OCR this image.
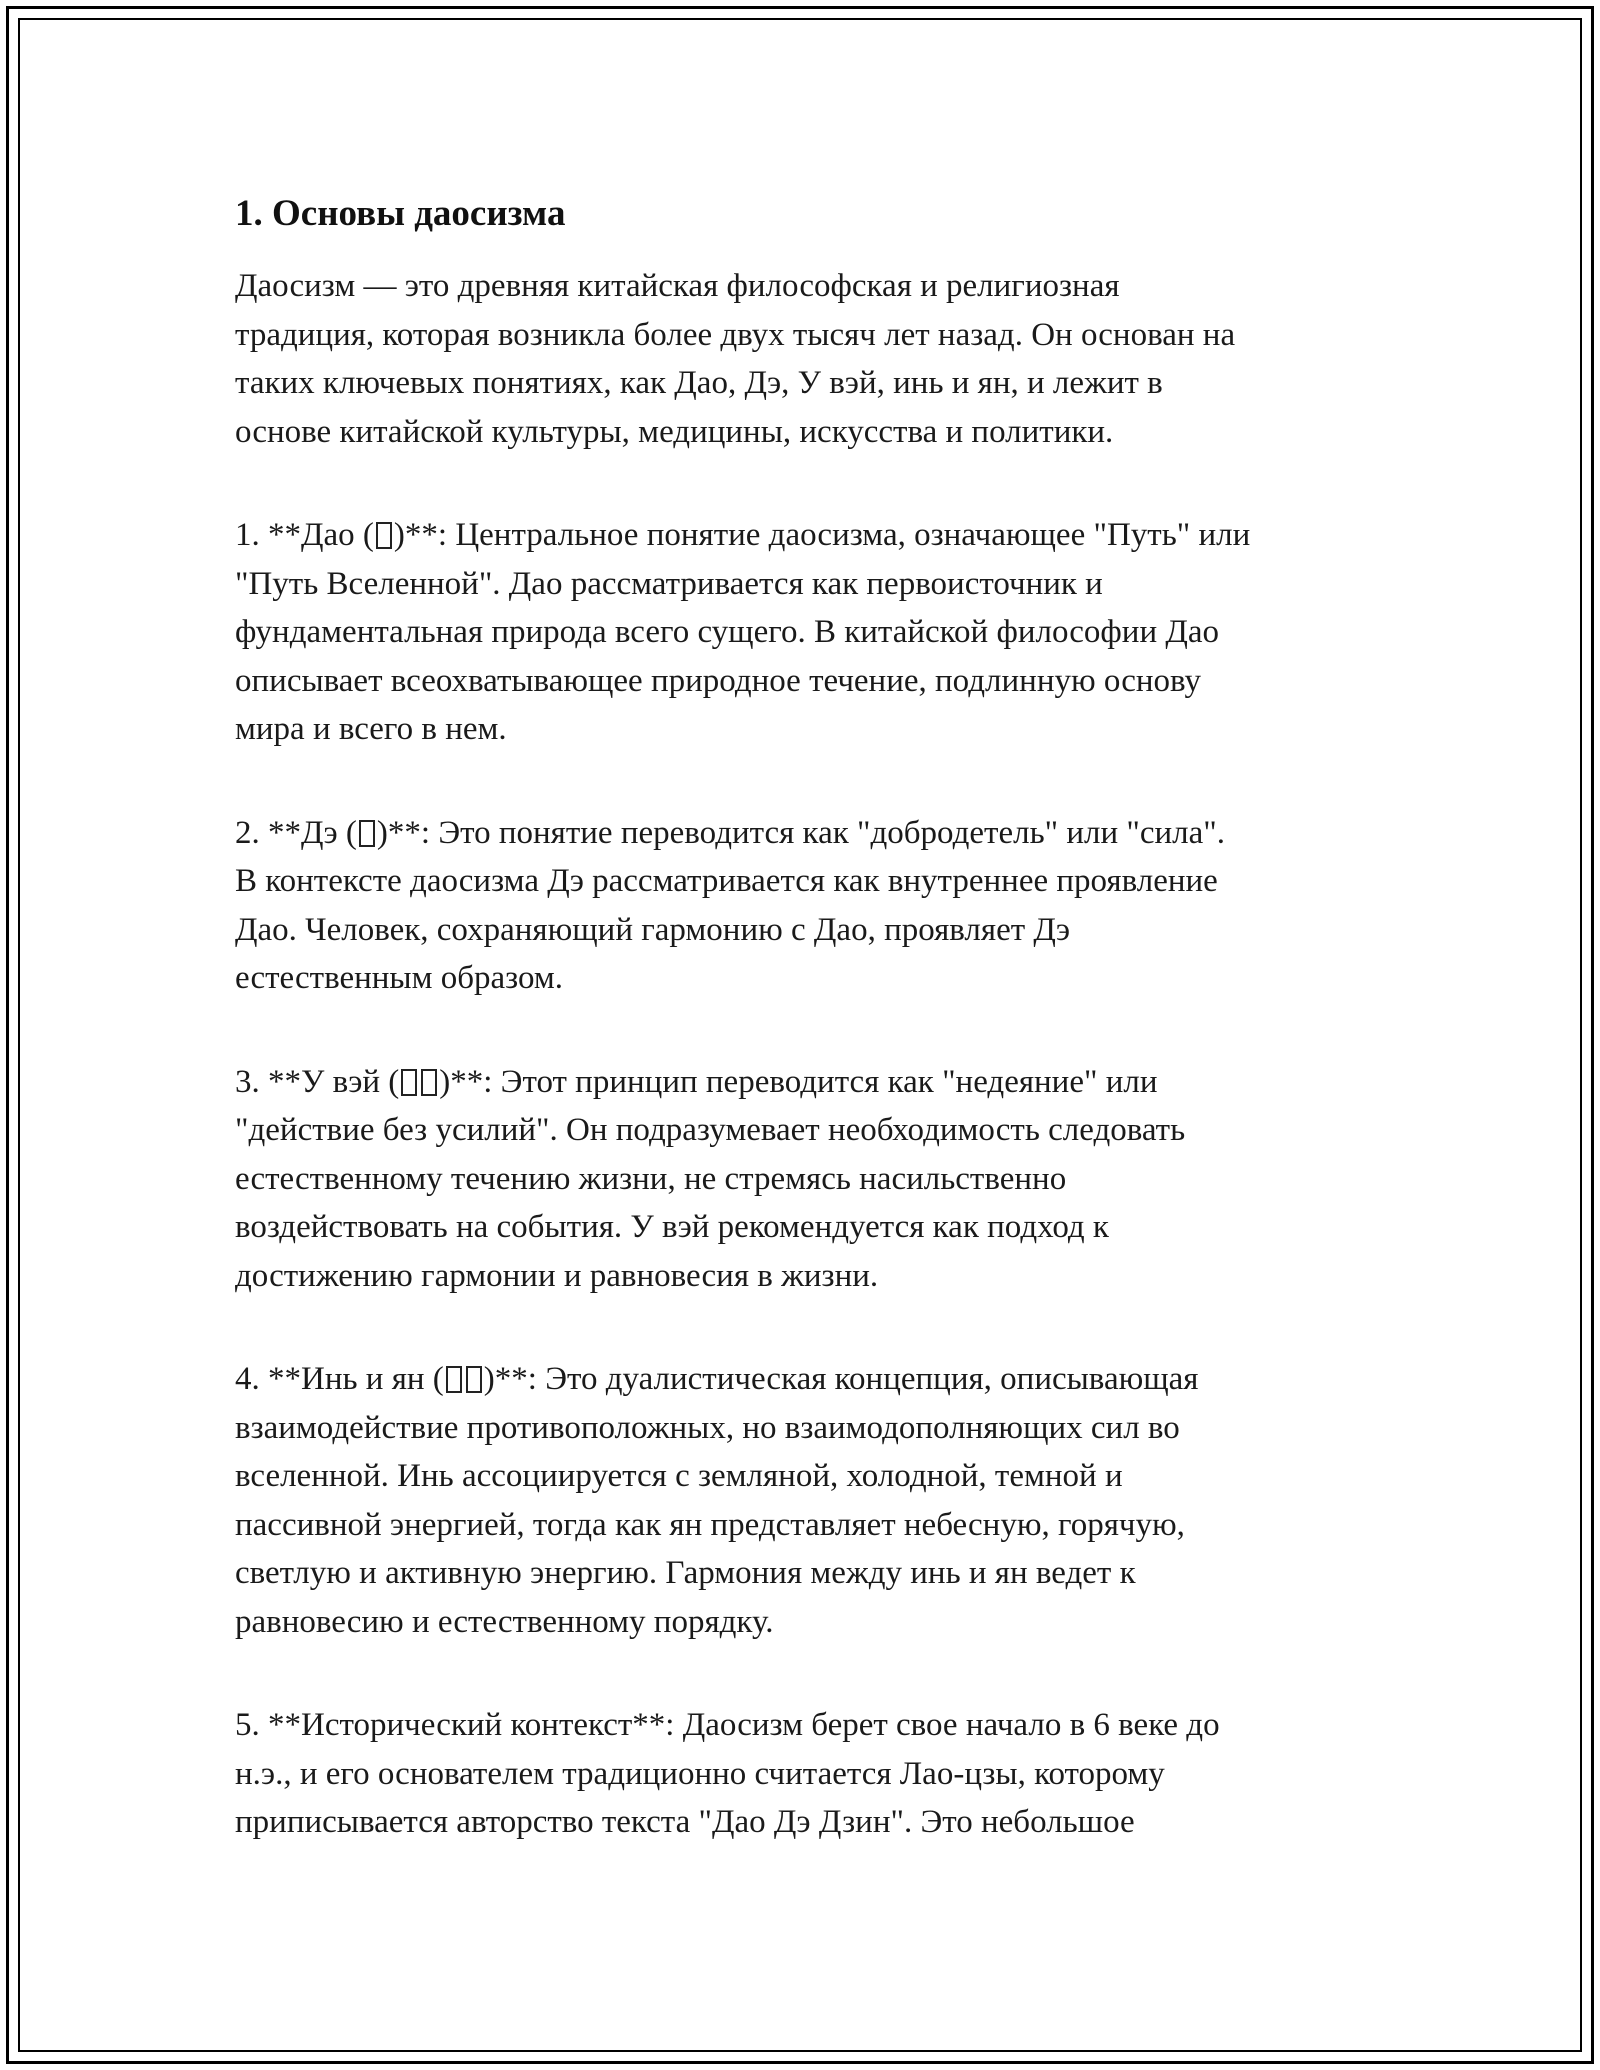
1. Основы даосизма

Даосизм — это древняя китайская философская и религиозная
традиция, которая возникла более двух тысяч лет назад. Он основан на
таких ключевых понятиях, как Дао, Дэ, У вэй, инь и ян, и лежит в
основе китайской культуры, медицины, искусства и политики.

1. **Дао ( )**: Центральное понятие даосизма, означающее "Путь" или
"Путь Вселенной". Дао рассматривается как первоисточник и
фундаментальная природа всего сущего. В китайской философии Дао
описывает всеохватывающее природное течение, подлинную основу
мира и всего в нем.

2. **Дэ ( )**: Это понятие переводится как "добродетель" или "сила".
В контексте даосизма Дэ рассматривается как внутреннее проявление
Дао. Человек, сохраняющий гармонию с Дао, проявляет Дэ
естественным образом.

3. **У вэй ( )**: Этот принцип переводится как "недеяние" или
"действие без усилий". Он подразумевает необходимость следовать
естественному течению жизни, не стремясь насильственно
воздействовать на события. У вэй рекомендуется как подход к
достижению гармонии и равновесия в жизни.

4. **Инь и ян ( )**: Это дуалистическая концепция, описывающая
взаимодействие противоположных, но взаимодополняющих сил во
вселенной. Инь ассоциируется с земляной, холодной, темной и
пассивной энергией, тогда как ян представляет небесную, горячую,
светлую и активную энергию. Гармония между инь и ян ведет к
равновесию и естественному порядку.

5. **Исторический контекст**: Даосизм берет свое начало в 6 веке до
н.э., и его основателем традиционно считается Лао-цзы, которому
приписывается авторство текста "Дао Дэ Дзин". Это небольшое
